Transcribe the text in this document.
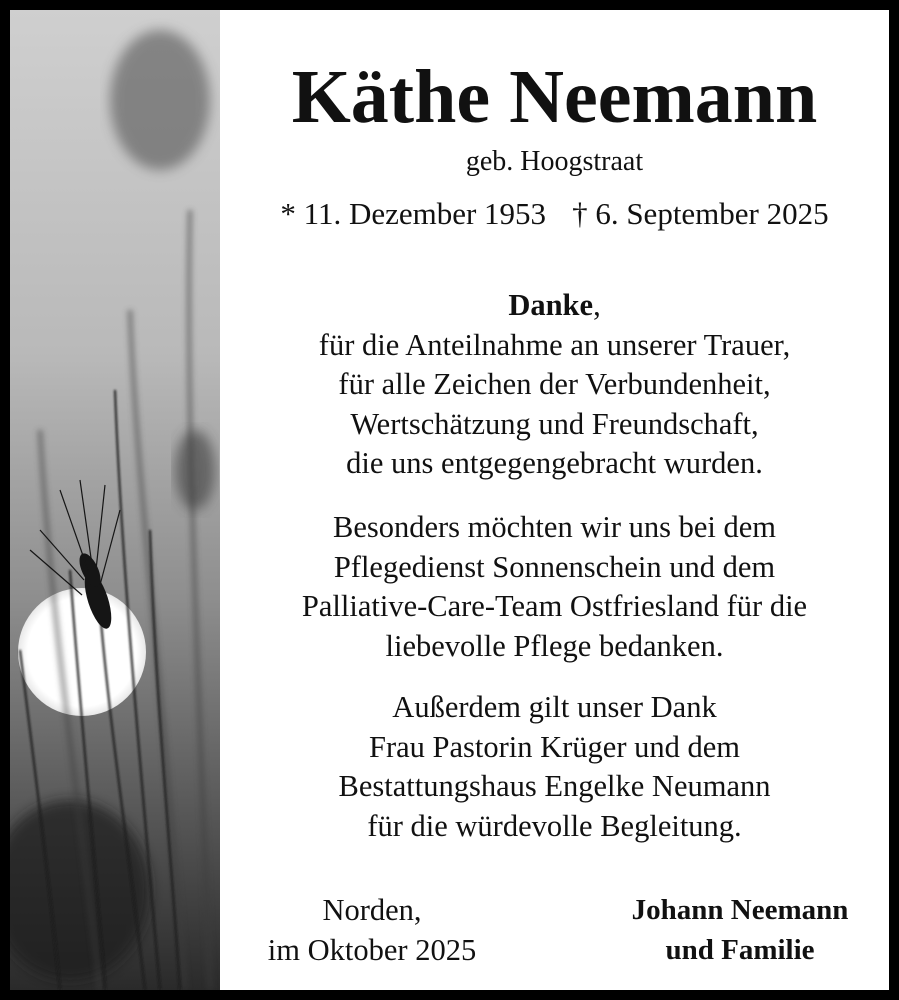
Käthe Neemann
geb. Hoogstraat
* 11. Dezember 1953 † 6. September 2025
Danke,
für die Anteilnahme an unserer Trauer,
für alle Zeichen der Verbundenheit,
Wertschätzung und Freundschaft,
die uns entgegengebracht wurden.
Besonders möchten wir uns bei dem
Pflegedienst Sonnenschein und dem
Palliative-Care-Team Ostfriesland für die
liebevolle Pflege bedanken.
Außerdem gilt unser Dank
Frau Pastorin Krüger und dem
Bestattungshaus Engelke Neumann
für die würdevolle Begleitung.
Norden,
im Oktober 2025
Johann Neemann
und Familie
